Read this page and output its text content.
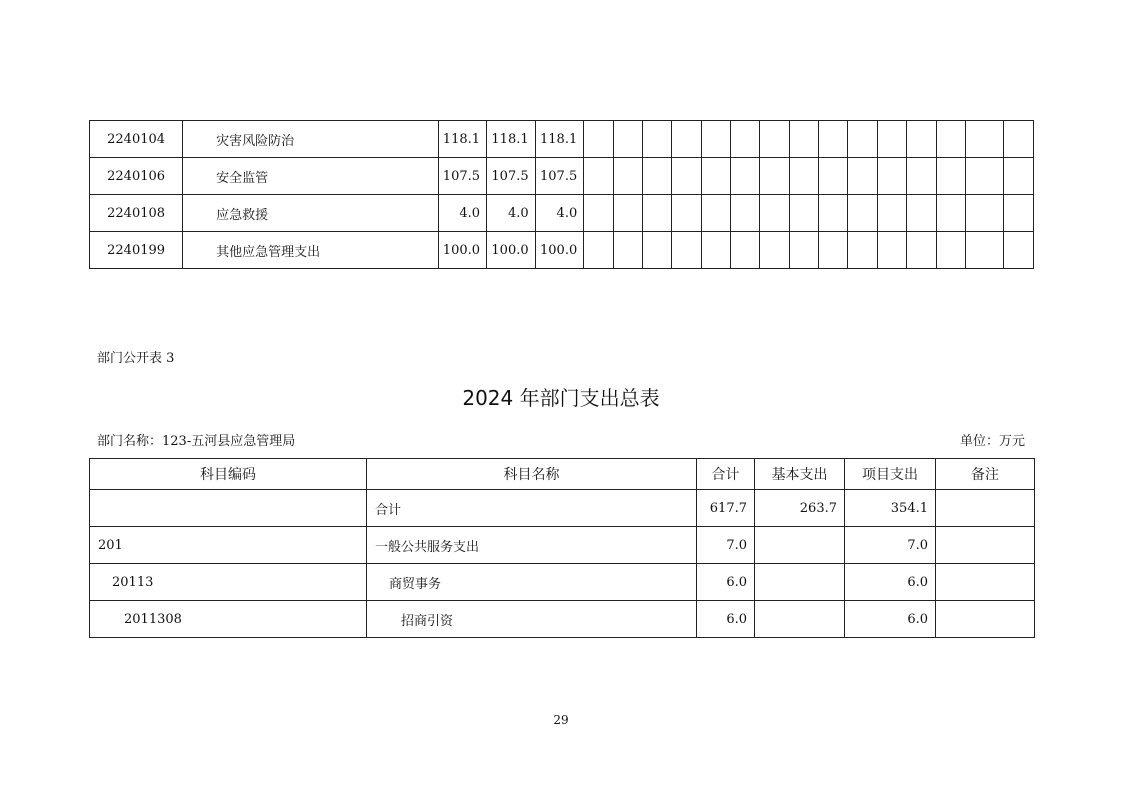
2240104	灾害风险防治	118.1	118.1	118.1															
2240106	安全监管	107.5	107.5	107.5															
2240108	应急救援	4.0	4.0	4.0															
2240199	其他应急管理支出	100.0	100.0	100.0															
部门公开表 3
2024 年部门支出总表
部门名称：123-五河县应急管理局	单位：万元
科目编码	科目名称	合计	基本支出	项目支出	备注
	合计	617.7	263.7	354.1	
201	一般公共服务支出	7.0		7.0	
20113	商贸事务	6.0		6.0	
2011308	招商引资	6.0		6.0	
29
